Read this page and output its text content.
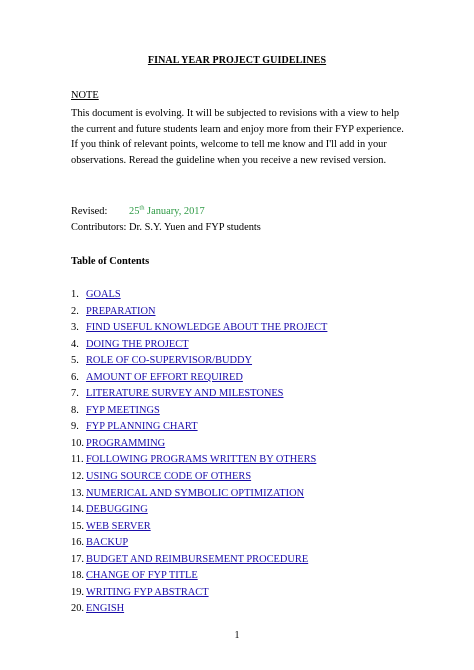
FINAL YEAR PROJECT GUIDELINES
NOTE
This document is evolving. It will be subjected to revisions with a view to help the current and future students learn and enjoy more from their FYP experience. If you think of relevant points, welcome to tell me know and I'll add in your observations. Reread the guideline when you receive a new revised version.
Revised: 25th January, 2017
Contributors: Dr. S.Y. Yuen and FYP students
Table of Contents
1. GOALS
2. PREPARATION
3. FIND USEFUL KNOWLEDGE ABOUT THE PROJECT
4. DOING THE PROJECT
5. ROLE OF CO-SUPERVISOR/BUDDY
6. AMOUNT OF EFFORT REQUIRED
7. LITERATURE SURVEY AND MILESTONES
8. FYP MEETINGS
9. FYP PLANNING CHART
10. PROGRAMMING
11. FOLLOWING PROGRAMS WRITTEN BY OTHERS
12. USING SOURCE CODE OF OTHERS
13. NUMERICAL AND SYMBOLIC OPTIMIZATION
14. DEBUGGING
15. WEB SERVER
16. BACKUP
17. BUDGET AND REIMBURSEMENT PROCEDURE
18. CHANGE OF FYP TITLE
19. WRITING FYP ABSTRACT
20. ENGISH
1
